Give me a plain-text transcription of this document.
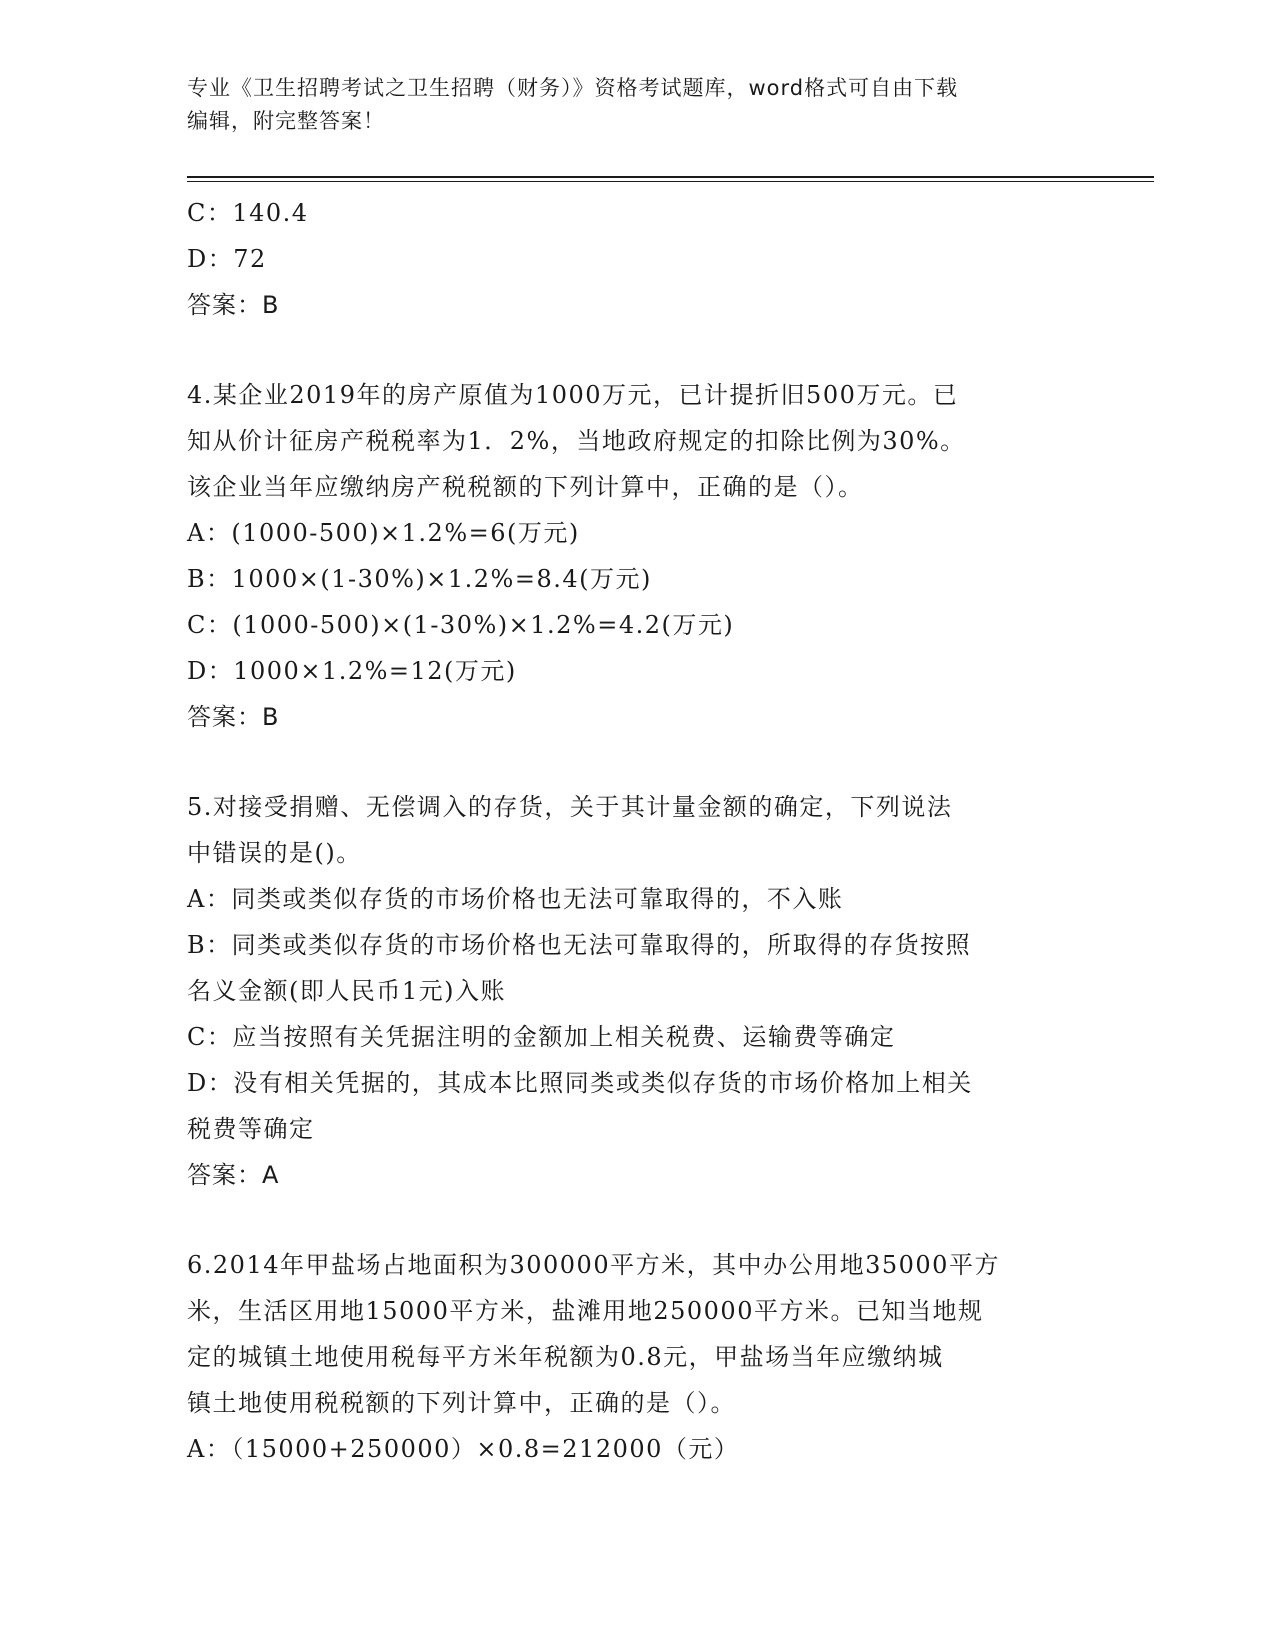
专业《卫生招聘考试之卫生招聘（财务）》资格考试题库，word格式可自由下载
编辑，附完整答案！
C：140.4
D：72
答案：B
4.某企业2019年的房产原值为1000万元，已计提折旧500万元。已
知从价计征房产税税率为1．2%，当地政府规定的扣除比例为30%。
该企业当年应缴纳房产税税额的下列计算中，正确的是（）。
A：(1000-500)×1.2%=6(万元)
B：1000×(1-30%)×1.2%=8.4(万元)
C：(1000-500)×(1-30%)×1.2%=4.2(万元)
D：1000×1.2%=12(万元)
答案：B
5.对接受捐赠、无偿调入的存货，关于其计量金额的确定，下列说法
中错误的是()。
A：同类或类似存货的市场价格也无法可靠取得的，不入账
B：同类或类似存货的市场价格也无法可靠取得的，所取得的存货按照
名义金额(即人民币1元)入账
C：应当按照有关凭据注明的金额加上相关税费、运输费等确定
D：没有相关凭据的，其成本比照同类或类似存货的市场价格加上相关
税费等确定
答案：A
6.2014年甲盐场占地面积为300000平方米，其中办公用地35000平方
米，生活区用地15000平方米，盐滩用地250000平方米。已知当地规
定的城镇土地使用税每平方米年税额为0.8元，甲盐场当年应缴纳城
镇土地使用税税额的下列计算中，正确的是（）。
A：（15000+250000）×0.8=212000（元）
